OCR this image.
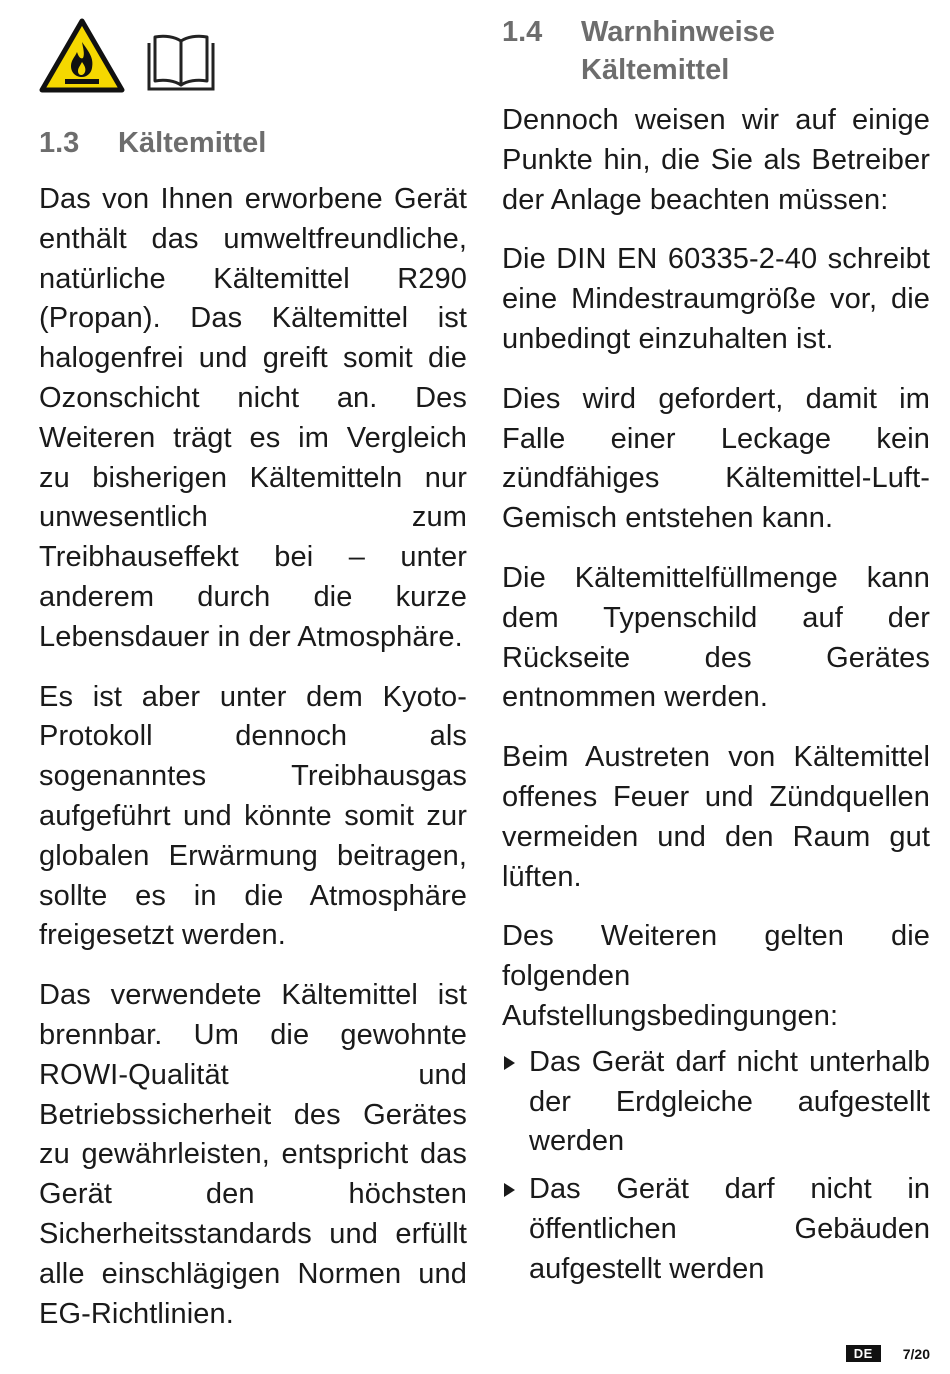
1.3	Kältemittel

Das von Ihnen erworbene Gerät enthält das umweltfreundliche, natürliche Kältemittel R290 (Propan). Das Kältemittel ist halogenfrei und greift somit die Ozonschicht nicht an. Des Weiteren trägt es im Vergleich zu bisherigen Kältemitteln nur unwesentlich zum Treibhauseffekt bei – unter anderem durch die kurze Lebensdauer in der Atmosphäre.

Es ist aber unter dem Kyoto-Protokoll dennoch als sogenanntes Treibhausgas aufgeführt und könnte somit zur globalen Erwärmung beitragen, sollte es in die Atmosphäre freigesetzt werden.

Das verwendete Kältemittel ist brennbar. Um die gewohnte ROWI-Qualität und Betriebssicherheit des Gerätes zu gewährleisten, entspricht das Gerät den höchsten Sicherheitsstandards und erfüllt alle einschlägigen Normen und EG-Richtlinien.

1.4	Warnhinweise Kältemittel

Dennoch weisen wir auf einige Punkte hin, die Sie als Betreiber der Anlage beachten müssen:

Die DIN EN 60335-2-40 schreibt eine Mindestraumgröße vor, die unbedingt einzuhalten ist.

Dies wird gefordert, damit im Falle einer Leckage kein zündfähiges Kältemittel-Luft-Gemisch entstehen kann.

Die Kältemittelfüllmenge kann dem Typenschild auf der Rückseite des Gerätes entnommen werden.

Beim Austreten von Kältemittel offenes Feuer und Zündquellen vermeiden und den Raum gut lüften.

Des Weiteren gelten die folgenden Aufstellungsbedingungen:

Das Gerät darf nicht unterhalb der Erdgleiche aufgestellt werden
Das Gerät darf nicht in öffentlichen Gebäuden aufgestellt werden
DE	7/20
